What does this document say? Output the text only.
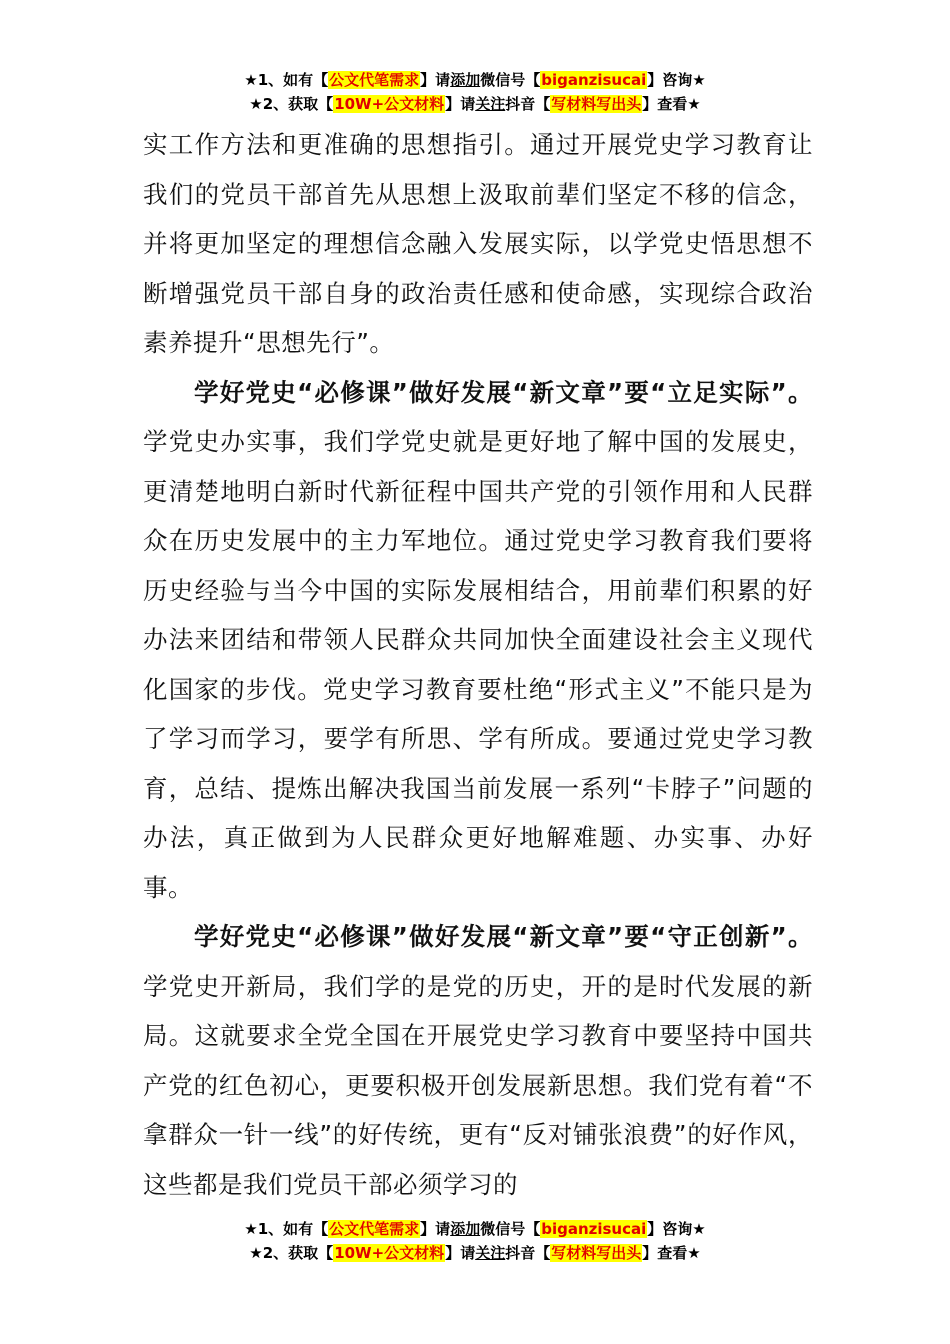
★1、如有【公文代笔需求】请添加微信号【biganzisucai】咨询★
★2、获取【10W+公文材料】请关注抖音【写材料写出头】查看★
实工作方法和更准确的思想指引。通过开展党史学习教育让我们的党员干部首先从思想上汲取前辈们坚定不移的信念，并将更加坚定的理想信念融入发展实际，以学党史悟思想不断增强党员干部自身的政治责任感和使命感，实现综合政治素养提升“思想先行”。
学好党史“必修课”做好发展“新文章”要“立足实际”。学党史办实事，我们学党史就是更好地了解中国的发展史，更清楚地明白新时代新征程中国共产党的引领作用和人民群众在历史发展中的主力军地位。通过党史学习教育我们要将历史经验与当今中国的实际发展相结合，用前辈们积累的好办法来团结和带领人民群众共同加快全面建设社会主义现代化国家的步伐。党史学习教育要杜绝“形式主义”不能只是为了学习而学习，要学有所思、学有所成。要通过党史学习教育，总结、提炼出解决我国当前发展一系列“卡脖子”问题的办法，真正做到为人民群众更好地解难题、办实事、办好事。
学好党史“必修课”做好发展“新文章”要“守正创新”。学党史开新局，我们学的是党的历史，开的是时代发展的新局。这就要求全党全国在开展党史学习教育中要坚持中国共产党的红色初心，更要积极开创发展新思想。我们党有着“不拿群众一针一线”的好传统，更有“反对铺张浪费”的好作风，这些都是我们党员干部必须学习的
★1、如有【公文代笔需求】请添加微信号【biganzisucai】咨询★
★2、获取【10W+公文材料】请关注抖音【写材料写出头】查看★
